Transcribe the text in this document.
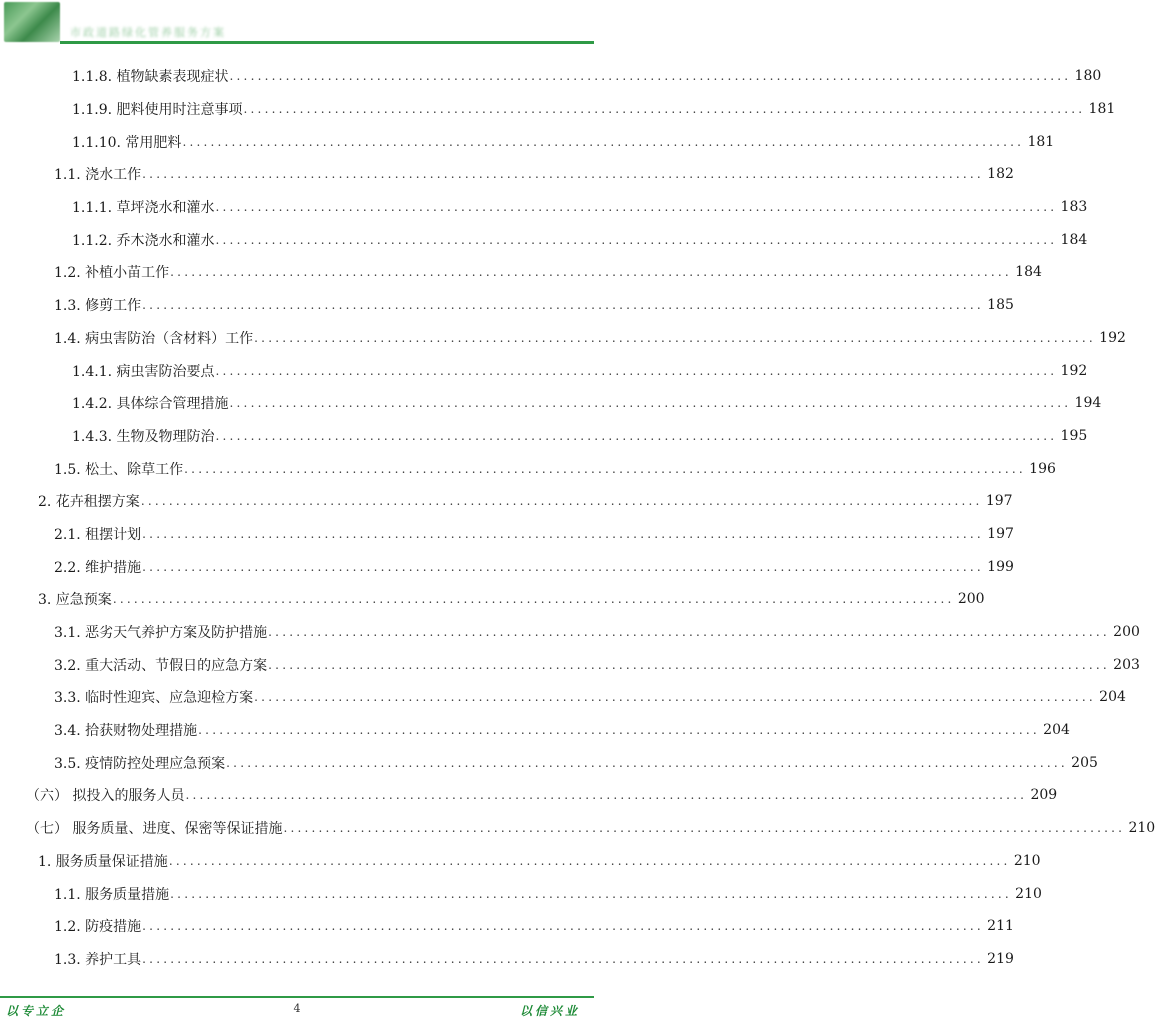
市政道路绿化管养服务方案
1.1.8. 植物缺素表现症状 ........................................................................................................................ 180
1.1.9. 肥料使用时注意事项 ........................................................................................................................ 181
1.1.10. 常用肥料 ........................................................................................................................ 181
1.1. 浇水工作 ........................................................................................................................ 182
1.1.1. 草坪浇水和灌水 ........................................................................................................................ 183
1.1.2. 乔木浇水和灌水 ........................................................................................................................ 184
1.2. 补植小苗工作 ........................................................................................................................ 184
1.3. 修剪工作 ........................................................................................................................ 185
1.4. 病虫害防治（含材料）工作 ........................................................................................................................ 192
1.4.1. 病虫害防治要点 ........................................................................................................................ 192
1.4.2. 具体综合管理措施 ........................................................................................................................ 194
1.4.3. 生物及物理防治 ........................................................................................................................ 195
1.5. 松土、除草工作 ........................................................................................................................ 196
2. 花卉租摆方案 ........................................................................................................................ 197
2.1. 租摆计划 ........................................................................................................................ 197
2.2. 维护措施 ........................................................................................................................ 199
3. 应急预案 ........................................................................................................................ 200
3.1. 恶劣天气养护方案及防护措施 ........................................................................................................................ 200
3.2. 重大活动、节假日的应急方案 ........................................................................................................................ 203
3.3. 临时性迎宾、应急迎检方案 ........................................................................................................................ 204
3.4. 拾获财物处理措施 ........................................................................................................................ 204
3.5. 疫情防控处理应急预案 ........................................................................................................................ 205
（六） 拟投入的服务人员 ........................................................................................................................ 209
（七） 服务质量、进度、保密等保证措施 ........................................................................................................................ 210
1. 服务质量保证措施 ........................................................................................................................ 210
1.1. 服务质量措施 ........................................................................................................................ 210
1.2. 防疫措施 ........................................................................................................................ 211
1.3. 养护工具 ........................................................................................................................ 219
以专立企	4	以信兴业
